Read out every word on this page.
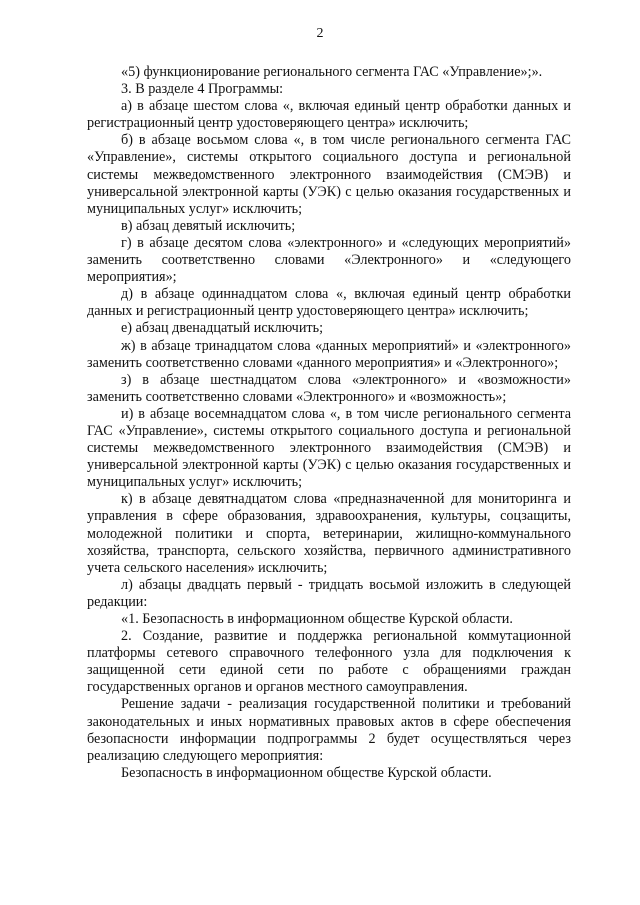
2

«5) функционирование регионального сегмента ГАС «Управление»;».

3. В разделе 4 Программы:

а) в абзаце шестом слова «, включая единый центр обработки данных и регистрационный центр удостоверяющего центра» исключить;

б) в абзаце восьмом слова «, в том числе регионального сегмента ГАС «Управление», системы открытого социального доступа и региональной системы межведомственного электронного взаимодействия (СМЭВ) и универсальной электронной карты (УЭК) с целью оказания государственных и муниципальных услуг» исключить;

в) абзац девятый исключить;

г) в абзаце десятом слова «электронного» и «следующих мероприятий» заменить соответственно словами «Электронного» и «следующего мероприятия»;

д) в абзаце одиннадцатом слова «, включая единый центр обработки данных и регистрационный центр удостоверяющего центра» исключить;

е) абзац двенадцатый исключить;

ж) в абзаце тринадцатом слова «данных мероприятий» и «электронного» заменить соответственно словами «данного мероприятия» и «Электронного»;

з) в абзаце шестнадцатом слова «электронного» и «возможности» заменить соответственно словами «Электронного» и «возможность»;

и) в абзаце восемнадцатом слова «, в том числе регионального сегмента ГАС «Управление», системы открытого социального доступа и региональной системы межведомственного электронного взаимодействия (СМЭВ) и универсальной электронной карты (УЭК) с целью оказания государственных и муниципальных услуг» исключить;

к) в абзаце девятнадцатом слова «предназначенной для мониторинга и управления в сфере образования, здравоохранения, культуры, соцзащиты, молодежной политики и спорта, ветеринарии, жилищно-коммунального хозяйства, транспорта, сельского хозяйства, первичного административного учета сельского населения» исключить;

л) абзацы двадцать первый - тридцать восьмой изложить в следующей редакции:

«1. Безопасность в информационном обществе Курской области.

2. Создание, развитие и поддержка региональной коммутационной платформы сетевого справочного телефонного узла для подключения к защищенной сети единой сети по работе с обращениями граждан государственных органов и органов местного самоуправления.

Решение задачи - реализация государственной политики и требований законодательных и иных нормативных правовых актов в сфере обеспечения безопасности информации подпрограммы 2 будет осуществляться через реализацию следующего мероприятия:

Безопасность в информационном обществе Курской области.
